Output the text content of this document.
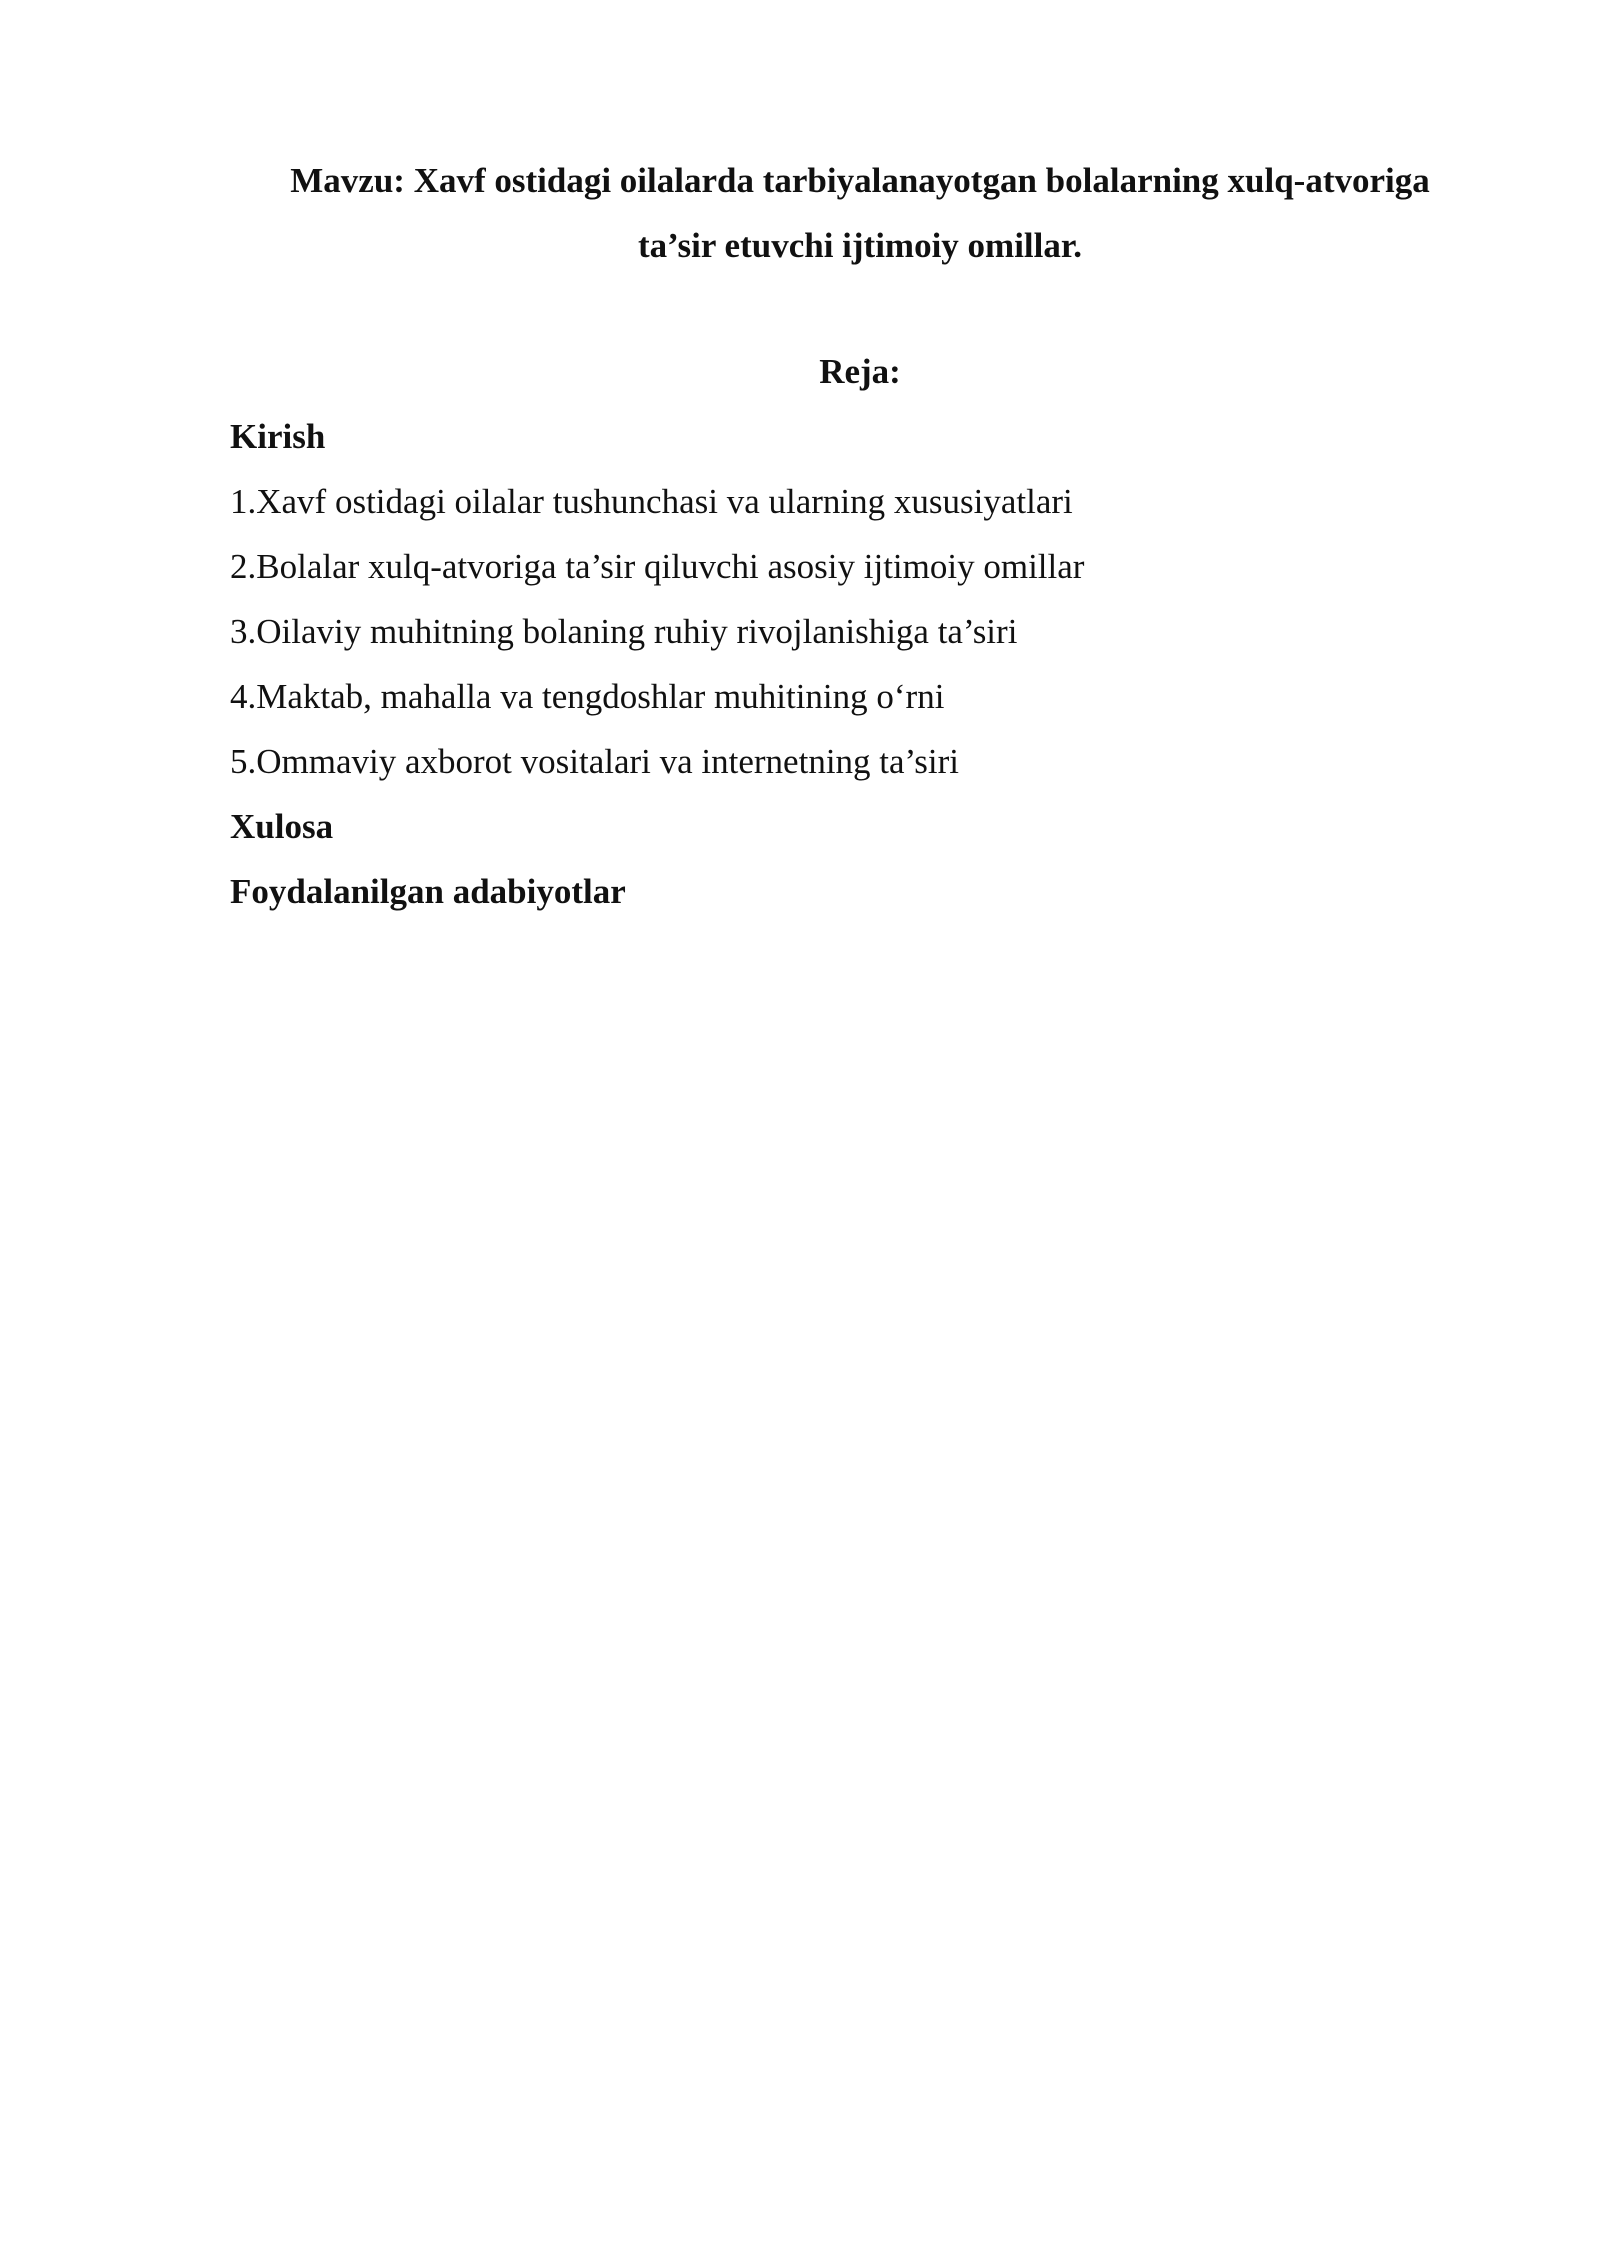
Mavzu: Xavf ostidagi oilalarda tarbiyalanayotgan bolalarning xulq-atvoriga
ta’sir etuvchi ijtimoiy omillar.
Reja:
Kirish
1.Xavf ostidagi oilalar tushunchasi va ularning xususiyatlari
2.Bolalar xulq-atvoriga ta’sir qiluvchi asosiy ijtimoiy omillar
3.Oilaviy muhitning bolaning ruhiy rivojlanishiga ta’siri
4.Maktab, mahalla va tengdoshlar muhitining o‘rni
5.Ommaviy axborot vositalari va internetning ta’siri
Xulosa
Foydalanilgan adabiyotlar
